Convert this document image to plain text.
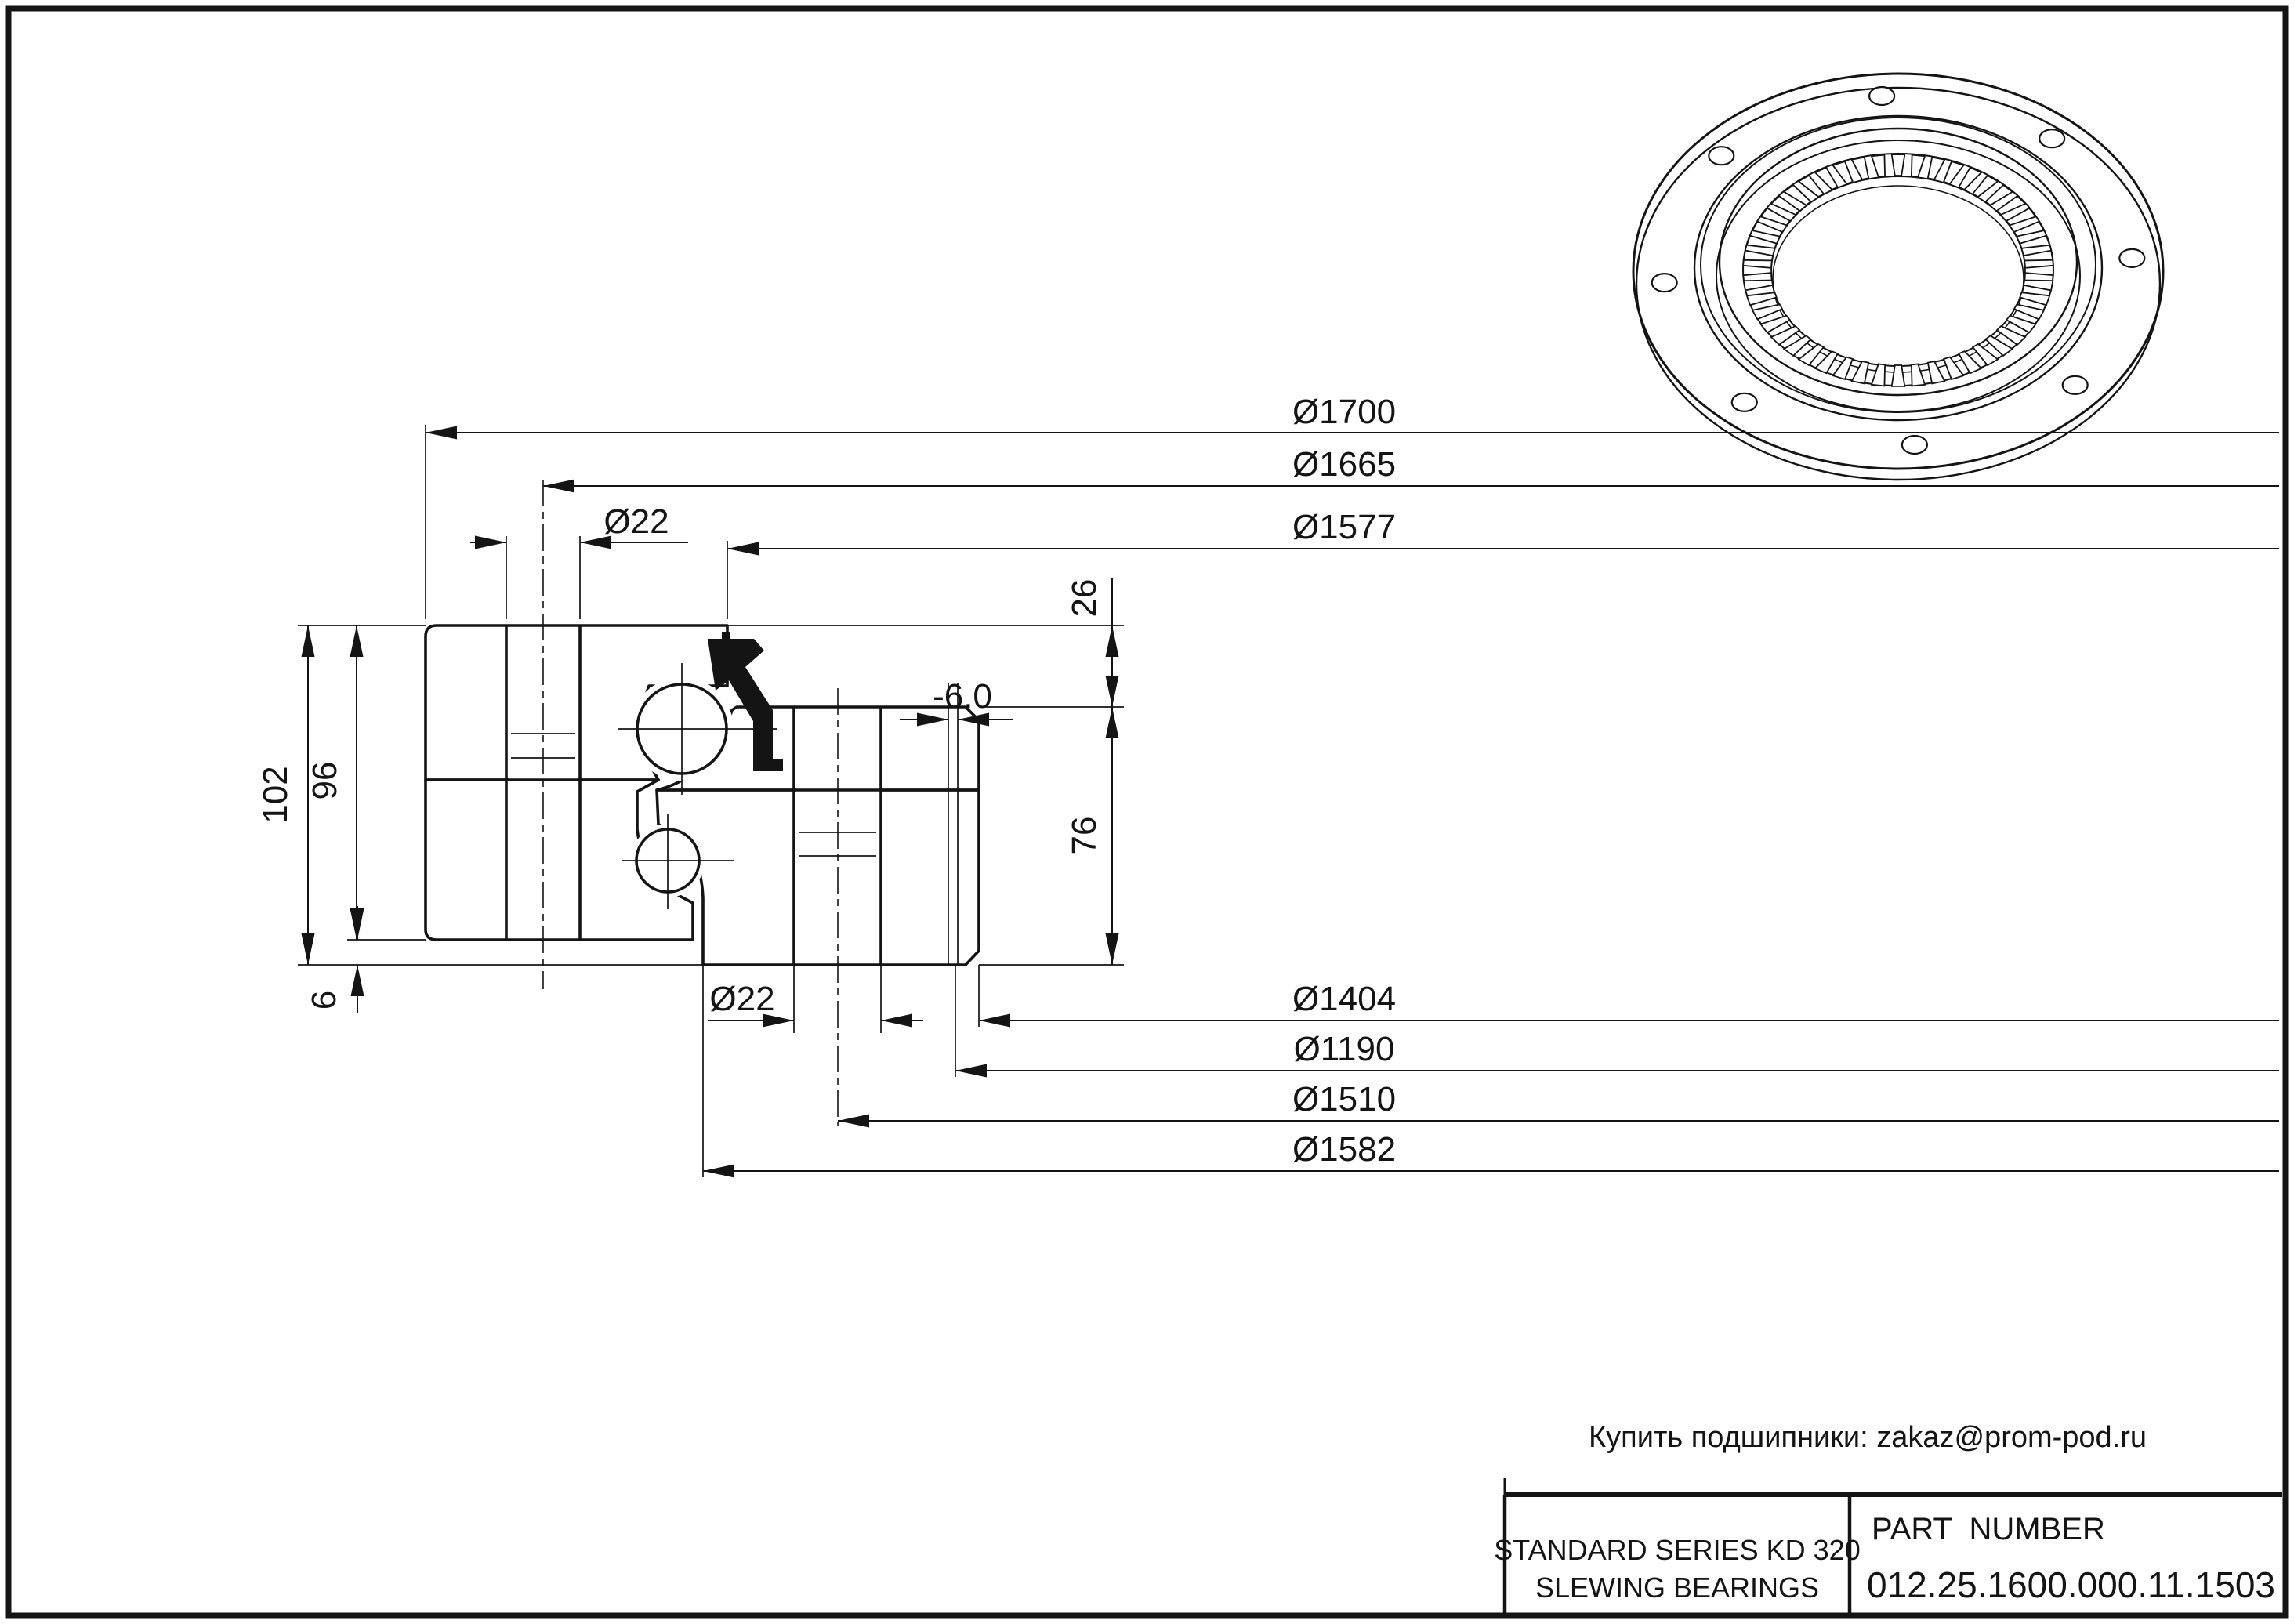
Ø1700
Ø1665
Ø1577
Ø22
-6.0
26
76
102 96
6	Ø22	Ø1404
Ø1190
Ø1510
Ø1582
Купить подшипники: zakaz@prom-pod.ru
STANDARD SERIES KD 320
SLEWING BEARINGS
PART  NUMBER
012.25.1600.000.11.1503
